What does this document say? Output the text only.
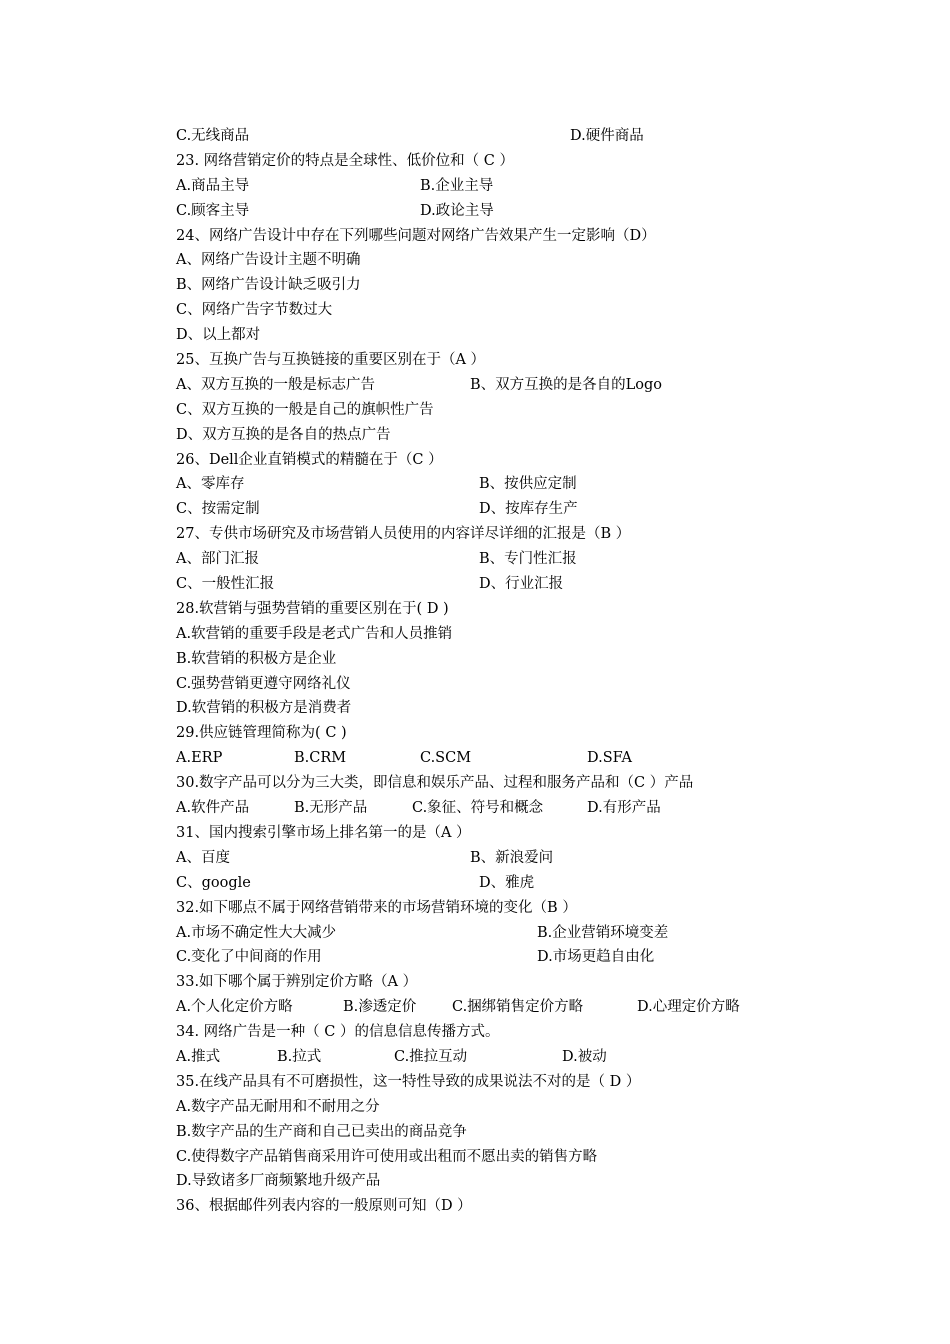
C.无线商品	D.硬件商品
23. 网络营销定价的特点是全球性、低价位和（ C ）
A.商品主导	B.企业主导
C.顾客主导	D.政论主导
24、网络广告设计中存在下列哪些问题对网络广告效果产生一定影响（D）
A、网络广告设计主题不明确
B、网络广告设计缺乏吸引力
C、网络广告字节数过大
D、以上都对
25、互换广告与互换链接的重要区别在于（A ）
A、双方互换的一般是标志广告	B、双方互换的是各自的Logo
C、双方互换的一般是自己的旗帜性广告
D、双方互换的是各自的热点广告
26、Dell企业直销模式的精髓在于（C ）
A、零库存	B、按供应定制
C、按需定制	D、按库存生产
27、专供市场研究及市场营销人员使用的内容详尽详细的汇报是（B ）
A、部门汇报	B、专门性汇报
C、一般性汇报	D、行业汇报
28.软营销与强势营销的重要区别在于( D )
A.软营销的重要手段是老式广告和人员推销
B.软营销的积极方是企业
C.强势营销更遵守网络礼仪
D.软营销的积极方是消费者
29.供应链管理简称为( C )
A.ERP	B.CRM	C.SCM	D.SFA
30.数字产品可以分为三大类，即信息和娱乐产品、过程和服务产品和（C ）产品
A.软件产品	B.无形产品	C.象征、符号和概念	D.有形产品
31、国内搜索引擎市场上排名第一的是（A ）
A、百度	B、新浪爱问
C、google	D、雅虎
32.如下哪点不属于网络营销带来的市场营销环境的变化（B ）
A.市场不确定性大大减少	B.企业营销环境变差
C.变化了中间商的作用	D.市场更趋自由化
33.如下哪个属于辨别定价方略（A ）
A.个人化定价方略	B.渗透定价 C.捆绑销售定价方略	D.心理定价方略
34. 网络广告是一种（ C ）的信息信息传播方式。
A.推式	B.拉式	C.推拉互动	D.被动
35.在线产品具有不可磨损性，这一特性导致的成果说法不对的是（ D ）
A.数字产品无耐用和不耐用之分
B.数字产品的生产商和自己已卖出的商品竞争
C.使得数字产品销售商采用许可使用或出租而不愿出卖的销售方略
D.导致诸多厂商频繁地升级产品
36、根据邮件列表内容的一般原则可知（D ）
